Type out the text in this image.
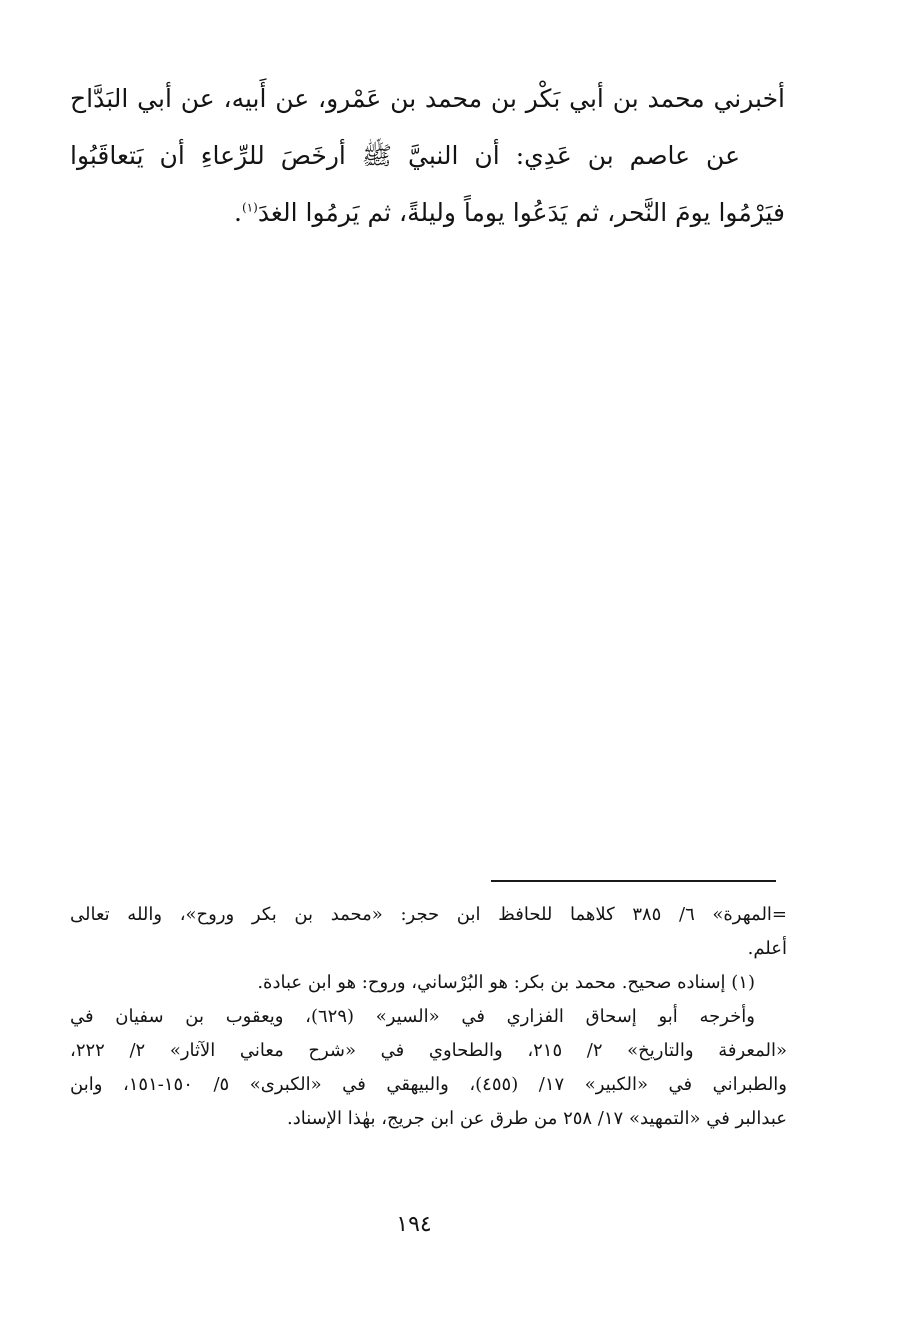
أخبرني محمد بن أبي بَكْر بن محمد بن عَمْرو، عن أَبيه، عن أبي البَدَّاح
عن عاصم بن عَدِي: أن النبيَّ ﷺ أرخَصَ للرِّعاءِ أن يَتعاقَبُوا
فيَرْمُوا يومَ النَّحر، ثم يَدَعُوا يوماً وليلةً، ثم يَرمُوا الغدَ$^{(١)}$.
=المهرة» ٦/ ٣٨٥ كلاهما للحافظ ابن حجر: «محمد بن بكر وروح»، والله تعالى
أعلم.
(١) إسناده صحيح. محمد بن بكر: هو البُرْساني، وروح: هو ابن عبادة.
وأخرجه أبو إسحاق الفزاري في «السير» (٦٢٩)، ويعقوب بن سفيان في
«المعرفة والتاريخ» ٢/ ٢١٥، والطحاوي في «شرح معاني الآثار» ٢/ ٢٢٢،
والطبراني في «الكبير» ١٧/ (٤٥٥)، والبيهقي في «الكبرى» ٥/ ١٥٠-١٥١، وابن
عبدالبر في «التمهيد» ١٧/ ٢٥٨ من طرق عن ابن جريج، بهٰذا الإسناد.
١٩٤
